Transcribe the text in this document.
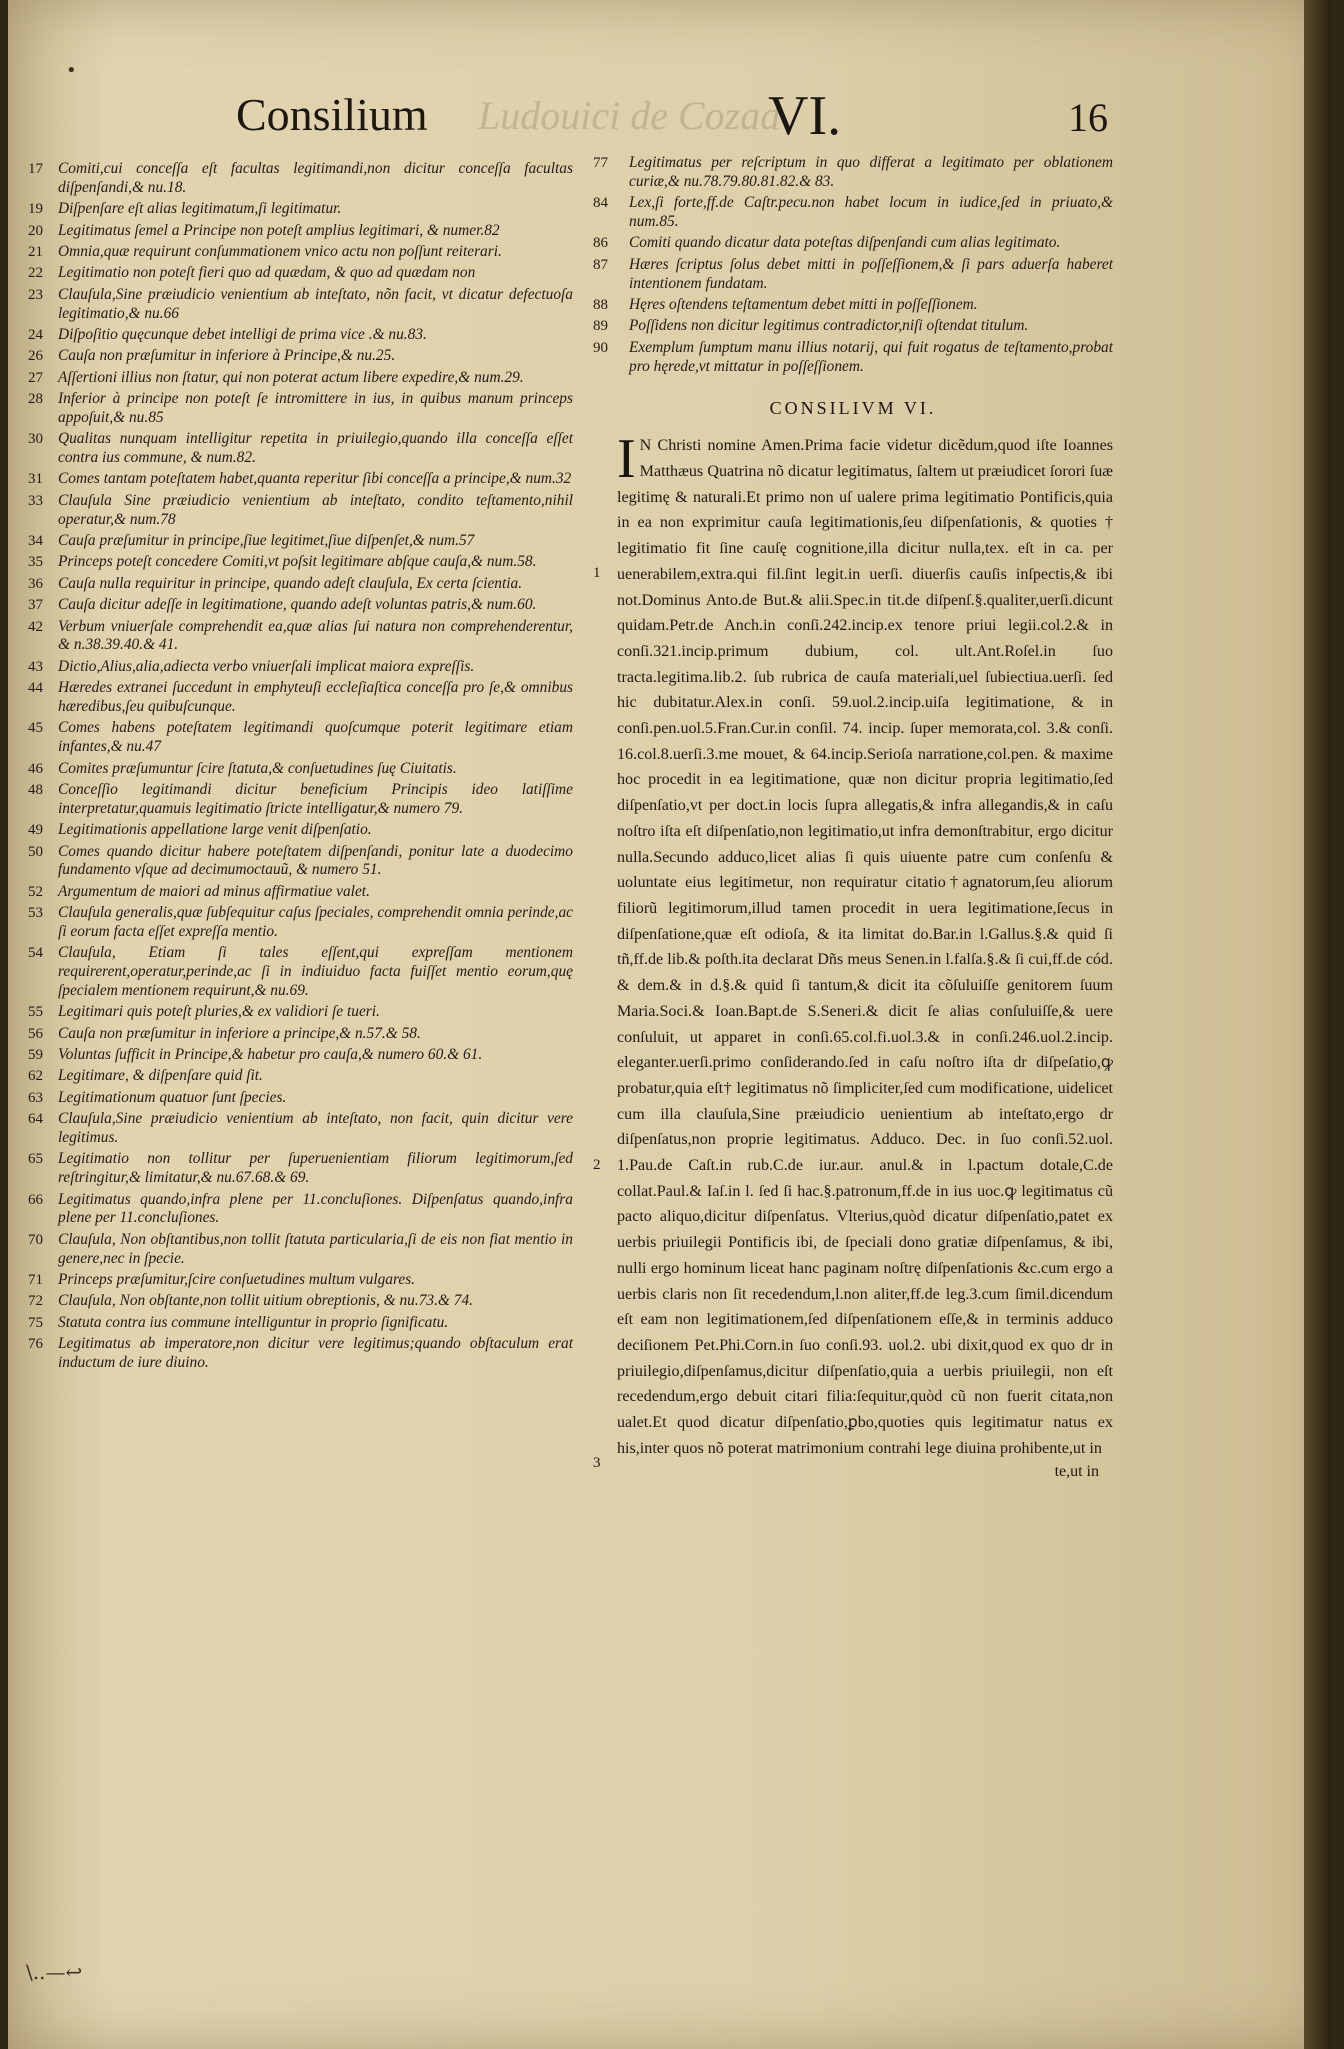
•
Ludouici de Cozad
Consilium	VI.	16
17 Comiti,cui conceſſa eſt facultas legitimandi,non dicitur conceſſa facultas diſpenſandi,& nu.18.
19 Diſpenſare eſt alias legitimatum,ſi legitimatur.
20 Legitimatus ſemel a Principe non poteſt amplius legitimari, & numer.82
21 Omnia,quæ requirunt conſummationem vnico actu non poſſunt reiterari.
22 Legitimatio non poteſt fieri quo ad quædam, & quo ad quædam non
23 Clauſula,Sine præiudicio venientium ab inteſtato, nõn facit, vt dicatur defectuoſa legitimatio,& nu.66
24 Diſpoſitio quęcunque debet intelligi de prima vice .& nu.83.
26 Cauſa non præſumitur in inferiore à Principe,& nu.25.
27 Aſſertioni illius non ſtatur, qui non poterat actum libere expedire,& num.29.
28 Inferior à principe non poteſt ſe intromittere in ius, in quibus manum princeps appoſuit,& nu.85
30 Qualitas nunquam intelligitur repetita in priuilegio,quando illa conceſſa eſſet contra ius commune, & num.82.
31 Comes tantam poteſtatem habet,quanta reperitur ſibi conceſſa a principe,& num.32
33 Clauſula Sine præiudicio venientium ab inteſtato, condito teſtamento,nihil operatur,& num.78
34 Cauſa præſumitur in principe,ſiue legitimet,ſiue diſpenſet,& num.57
35 Princeps poteſt concedere Comiti,vt poſsit legitimare abſque cauſa,& num.58.
36 Cauſa nulla requiritur in principe, quando adeſt clauſula, Ex certa ſcientia.
37 Cauſa dicitur adeſſe in legitimatione, quando adeſt voluntas patris,& num.60.
42 Verbum vniuerſale comprehendit ea,quæ alias ſui natura non comprehenderentur, & n.38.39.40.& 41.
43 Dictio,Alius,alia,adiecta verbo vniuerſali implicat maiora expreſſis.
44 Hæredes extranei ſuccedunt in emphyteuſi eccleſiaſtica conceſſa pro ſe,& omnibus hæredibus,ſeu quibuſcunque.
45 Comes habens poteſtatem legitimandi quoſcumque poterit legitimare etiam infantes,& nu.47
46 Comites præſumuntur ſcire ſtatuta,& conſuetudines ſuę Ciuitatis.
48 Conceſſio legitimandi dicitur beneficium Principis ideo latiſſime interpretatur,quamuis legitimatio ſtricte intelligatur,& numero 79.
49 Legitimationis appellatione large venit diſpenſatio.
50 Comes quando dicitur habere poteſtatem diſpenſandi, ponitur late a duodecimo fundamento vſque ad decimumoctauũ, & numero 51.
52 Argumentum de maiori ad minus affirmatiue valet.
53 Clauſula generalis,quæ ſubſequitur caſus ſpeciales, comprehendit omnia perinde,ac ſi eorum facta eſſet expreſſa mentio.
54 Clauſula, Etiam ſi tales eſſent,qui expreſſam mentionem requirerent,operatur,perinde,ac ſi in indiuiduo facta fuiſſet mentio eorum,quę ſpecialem mentionem requirunt,& nu.69.
55 Legitimari quis poteſt pluries,& ex validiori ſe tueri.
56 Cauſa non præſumitur in inferiore a principe,& n.57.& 58.
59 Voluntas ſufficit in Principe,& habetur pro cauſa,& numero 60.& 61.
62 Legitimare, & diſpenſare quid ſit.
63 Legitimationum quatuor ſunt ſpecies.
64 Clauſula,Sine præiudicio venientium ab inteſtato, non facit, quin dicitur vere legitimus.
65 Legitimatio non tollitur per ſuperuenientiam filiorum legitimorum,ſed reſtringitur,& limitatur,& nu.67.68.& 69.
66 Legitimatus quando,infra plene per 11.concluſiones. Diſpenſatus quando,infra plene per 11.concluſiones.
70 Clauſula, Non obſtantibus,non tollit ſtatuta particularia,ſi de eis non fiat mentio in genere,nec in ſpecie.
71 Princeps præſumitur,ſcire conſuetudines multum vulgares.
72 Clauſula, Non obſtante,non tollit uitium obreptionis, & nu.73.& 74.
75 Statuta contra ius commune intelliguntur in proprio ſignificatu.
76 Legitimatus ab imperatore,non dicitur vere legitimus;quando obſtaculum erat inductum de iure diuino.
77	Legitimatus per reſcriptum in quo differat a legitimato per oblationem curiæ,& nu.78.79.80.81.82.& 83.
84	Lex,ſi forte,ff.de Caſtr.pecu.non habet locum in iudice,ſed in priuato,& num.85.
86	Comiti quando dicatur data poteſtas diſpenſandi cum alias legitimato.
87	Hæres ſcriptus ſolus debet mitti in poſſeſſionem,& ſi pars aduerſa haberet intentionem fundatam.
88	Hęres oſtendens teſtamentum debet mitti in poſſeſſionem.
89	Poſſidens non dicitur legitimus contradictor,niſi oſtendat titulum.
90	Exemplum ſumptum manu illius notarij, qui fuit rogatus de teſtamento,probat pro hęrede,vt mittatur in poſſeſſionem.
CONSILIVM VI.
1
2
3
I N Christi nomine Amen.Prima facie videtur dicẽdum,quod iſte Ioannes Matthæus Quatrina nõ dicatur legitimatus, ſaltem ut præiudicet ſorori ſuæ legitimę & naturali.Et primo non uſ ualere prima legitimatio Pontificis,quia in ea non exprimitur cauſa legitimationis,ſeu diſpenſationis, & quoties † legitimatio fit ſine cauſę cognitione,illa dicitur nulla,tex. eſt in ca. per uenerabilem,extra.qui fil.ſint legit.in uerſi. diuerſis cauſis inſpectis,& ibi not.Dominus Anto.de But.& alii.Spec.in tit.de diſpenſ.§.qualiter,uerſi.dicunt quidam.Petr.de Anch.in conſi.242.incip.ex tenore priui legii.col.2.& in conſi.321.incip.primum dubium, col. ult.Ant.Roſel.in ſuo tracta.legitima.lib.2. ſub rubrica de cauſa materiali,uel ſubiectiua.uerſi. ſed hic dubitatur.Alex.in conſi. 59.uol.2.incip.uiſa legitimatione, & in conſi.pen.uol.5.Fran.Cur.in conſil. 74. incip. ſuper memorata,col. 3.& conſi. 16.col.8.uerſi.3.me mouet, & 64.incip.Serioſa narratione,col.pen. & maxime hoc procedit in ea legitimatione, quæ non dicitur propria legitimatio,ſed diſpenſatio,vt per doct.in locis ſupra allegatis,& infra allegandis,& in caſu noſtro iſta eſt diſpenſatio,non legitimatio,ut infra demonſtrabitur, ergo dicitur nulla.Secundo adduco,licet alias ſi quis uiuente patre cum conſenſu & uoluntate eius legitimetur, non requiratur citatio†agnatorum,ſeu aliorum filiorũ legitimorum,illud tamen procedit in uera legitimatione,ſecus in diſpenſatione,quæ eſt odioſa, & ita limitat do.Bar.in l.Gallus.§.& quid ſi tñ,ff.de lib.& poſth.ita declarat Dñs meus Senen.in l.falſa.§.& ſi cui,ff.de cód. & dem.& in d.§.& quid ſi tantum,& dicit ita cõſuluiſſe genitorem ſuum Maria.Soci.& Ioan.Bapt.de S.Seneri.& dicit ſe alias conſuluiſſe,& uere conſuluit, ut apparet in conſi.65.col.fi.uol.3.& in conſi.246.uol.2.incip. eleganter.uerſi.primo conſiderando.ſed in caſu noſtro iſta dr diſpeſatio,ꝙ probatur,quia eſt† legitimatus nõ ſimpliciter,ſed cum modificatione, uidelicet cum illa clauſula,Sine præiudicio uenientium ab inteſtato,ergo dr diſpenſatus,non proprie legitimatus. Adduco. Dec. in ſuo conſi.52.uol. 1.Pau.de Caſt.in rub.C.de iur.aur. anul.& in l.pactum dotale,C.de collat.Paul.& Iaſ.in l. ſed ſi hac.§.patronum,ff.de in ius uoc.ꝙ legitimatus cũ pacto aliquo,dicitur diſpenſatus. Vlterius,quòd dicatur diſpenſatio,patet ex uerbis priuilegii Pontificis ibi, de ſpeciali dono gratiæ diſpenſamus, & ibi, nulli ergo hominum liceat hanc paginam noſtrę diſpenſationis &c.cum ergo a uerbis claris non ſit recedendum,l.non aliter,ff.de leg.3.cum ſimil.dicendum eſt eam non legitimationem,ſed diſpenſationem eſſe,& in terminis adduco deciſionem Pet.Phi.Corn.in ſuo conſi.93. uol.2. ubi dixit,quod ex quo dr in priuilegio,diſpenſamus,dicitur diſpenſatio,quia a uerbis priuilegii, non eſt recedendum,ergo debuit citari filia:ſequitur,quòd cũ non fuerit citata,non ualet.Et quod dicatur diſpenſatio,ꝑbo,quoties quis legitimatur natus ex his,inter quos nõ poterat matrimonium contrahi lege diuina prohibente,ut in
te,ut in
\..—↩
